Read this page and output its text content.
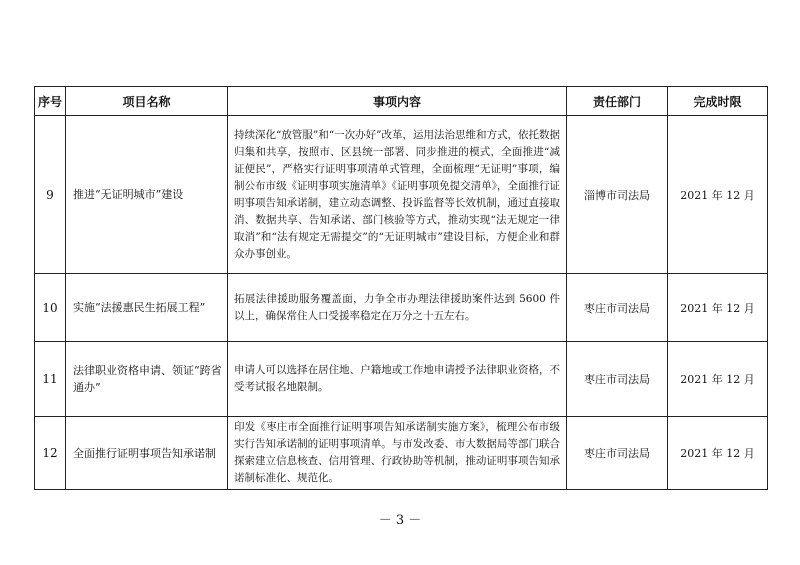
序号	项目名称	事项内容	责任部门	完成时限
9	推进“无证明城市”建设	持续深化“放管服”和“一次办好”改革，运用法治思维和方式，依托数据归集和共享，按照市、区县统一部署、同步推进的模式，全面推进“减证便民”，严格实行证明事项清单式管理，全面梳理“无证明”事项，编制公布市级《证明事项实施清单》《证明事项免提交清单》，全面推行证明事项告知承诺制，建立动态调整、投诉监督等长效机制，通过直接取消、数据共享、告知承诺、部门核验等方式，推动实现“法无规定一律取消”和“法有规定无需提交”的“无证明城市”建设目标，方便企业和群众办事创业。	淄博市司法局	2021 年 12 月
10	实施“法援惠民生拓展工程”	拓展法律援助服务覆盖面，力争全市办理法律援助案件达到 5600 件以上，确保常住人口受援率稳定在万分之十五左右。	枣庄市司法局	2021 年 12 月
11	法律职业资格申请、领证“跨省通办”	申请人可以选择在居住地、户籍地或工作地申请授予法律职业资格，不受考试报名地限制。	枣庄市司法局	2021 年 12 月
12	全面推行证明事项告知承诺制	印发《枣庄市全面推行证明事项告知承诺制实施方案》，梳理公布市级实行告知承诺制的证明事项清单。与市发改委、市大数据局等部门联合探索建立信息核查、信用管理、行政协助等机制，推动证明事项告知承诺制标准化、规范化。	枣庄市司法局	2021 年 12 月
－ 3 －
